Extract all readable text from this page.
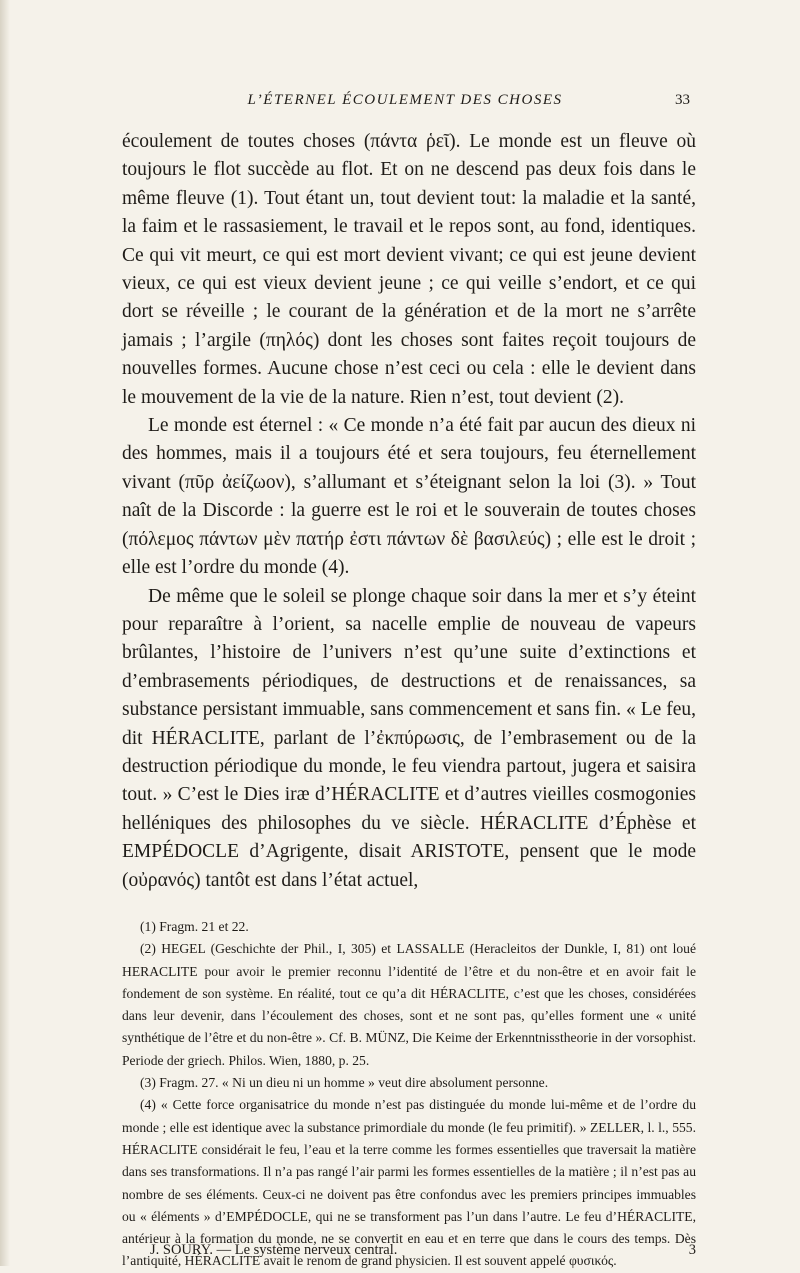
L’ÉTERNEL ÉCOULEMENT DES CHOSES	33

écoulement de toutes choses (πάντα ῥεῖ). Le monde est un fleuve où toujours le flot succède au flot. Et on ne descend pas deux fois dans le même fleuve (1). Tout étant un, tout devient tout: la maladie et la santé, la faim et le rassasiement, le travail et le repos sont, au fond, identiques. Ce qui vit meurt, ce qui est mort devient vivant; ce qui est jeune devient vieux, ce qui est vieux devient jeune ; ce qui veille s’endort, et ce qui dort se réveille ; le courant de la génération et de la mort ne s’arrête jamais ; l’argile (πηλός) dont les choses sont faites reçoit toujours de nouvelles formes. Aucune chose n’est ceci ou cela : elle le devient dans le mouvement de la vie de la nature. Rien n’est, tout devient (2).

Le monde est éternel : « Ce monde n’a été fait par aucun des dieux ni des hommes, mais il a toujours été et sera toujours, feu éternellement vivant (πῦρ ἀείζωον), s’allumant et s’éteignant selon la loi (3). » Tout naît de la Discorde : la guerre est le roi et le souverain de toutes choses (πόλεμος πάντων μὲν πατήρ ἐστι πάντων δὲ βασιλεύς) ; elle est le droit ; elle est l’ordre du monde (4).

De même que le soleil se plonge chaque soir dans la mer et s’y éteint pour reparaître à l’orient, sa nacelle emplie de nouveau de vapeurs brûlantes, l’histoire de l’univers n’est qu’une suite d’extinctions et d’embrasements périodiques, de destructions et de renaissances, sa substance persistant immuable, sans commencement et sans fin. « Le feu, dit HÉRACLITE, parlant de l’ἐκπύρωσις, de l’embrasement ou de la destruction périodique du monde, le feu viendra partout, jugera et saisira tout. » C’est le Dies iræ d’HÉRACLITE et d’autres vieilles cosmogonies helléniques des philosophes du ve siècle. HÉRACLITE d’Éphèse et EMPÉDOCLE d’Agrigente, disait ARISTOTE, pensent que le mode (οὐρανός) tantôt est dans l’état actuel,

(1) Fragm. 21 et 22.

(2) HEGEL (Geschichte der Phil., I, 305) et LASSALLE (Heracleitos der Dunkle, I, 81) ont loué HERACLITE pour avoir le premier reconnu l’identité de l’être et du non-être et en avoir fait le fondement de son système. En réalité, tout ce qu’a dit HÉRACLITE, c’est que les choses, considérées dans leur devenir, dans l’écoulement des choses, sont et ne sont pas, qu’elles forment une « unité synthétique de l’être et du non-être ». Cf. B. MÜNZ, Die Keime der Erkenntnisstheorie in der vorsophist. Periode der griech. Philos. Wien, 1880, p. 25.

(3) Fragm. 27. « Ni un dieu ni un homme » veut dire absolument personne.

(4) « Cette force organisatrice du monde n’est pas distinguée du monde lui-même et de l’ordre du monde ; elle est identique avec la substance primordiale du monde (le feu primitif). » ZELLER, l. l., 555. HÉRACLITE considérait le feu, l’eau et la terre comme les formes essentielles que traversait la matière dans ses transformations. Il n’a pas rangé l’air parmi les formes essentielles de la matière ; il n’est pas au nombre de ses éléments. Ceux-ci ne doivent pas être confondus avec les premiers principes immuables ou « éléments » d’EMPÉDOCLE, qui ne se transforment pas l’un dans l’autre. Le feu d’HÉRACLITE, antérieur à la formation du monde, ne se convertit en eau et en terre que dans le cours des temps. Dès l’antiquité, HÉRACLITE avait le renom de grand physicien. Il est souvent appelé φυσικός.

J. SOURY. — Le système nerveux central.	3
